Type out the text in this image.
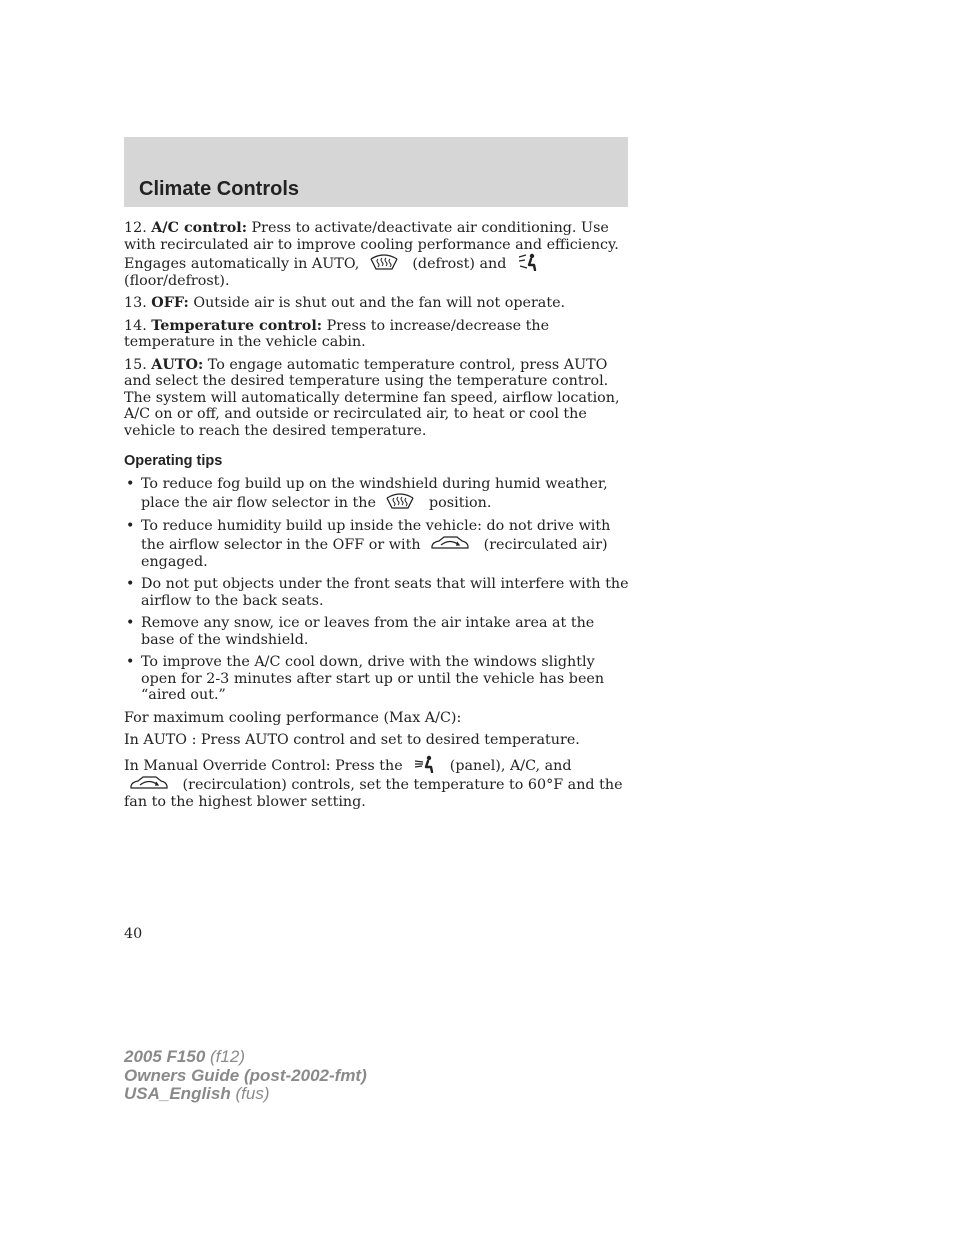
Climate Controls

12. A/C control: Press to activate/deactivate air conditioning. Use with recirculated air to improve cooling performance and efficiency. Engages automatically in AUTO,	(defrost) and
(floor/defrost).

13. OFF: Outside air is shut out and the fan will not operate.

14. Temperature control: Press to increase/decrease the temperature in the vehicle cabin.

15. AUTO: To engage automatic temperature control, press AUTO and select the desired temperature using the temperature control. The system will automatically determine fan speed, airflow location, A/C on or off, and outside or recirculated air, to heat or cool the vehicle to reach the desired temperature.

Operating tips
• To reduce fog build up on the windshield during humid weather, place the air flow selector in the	position.
• To reduce humidity build up inside the vehicle: do not drive with the airflow selector in the OFF or with	(recirculated air) engaged.
• Do not put objects under the front seats that will interfere with the airflow to the back seats.
• Remove any snow, ice or leaves from the air intake area at the base of the windshield.
• To improve the A/C cool down, drive with the windows slightly open for 2-3 minutes after start up or until the vehicle has been “aired out.”

For maximum cooling performance (Max A/C):

In AUTO : Press AUTO control and set to desired temperature.

In Manual Override Control: Press the	(panel), A/C, and
(recirculation) controls, set the temperature to 60°F and the fan to the highest blower setting.

40
2005 F150 (f12)
Owners Guide (post-2002-fmt)
USA_English (fus)
